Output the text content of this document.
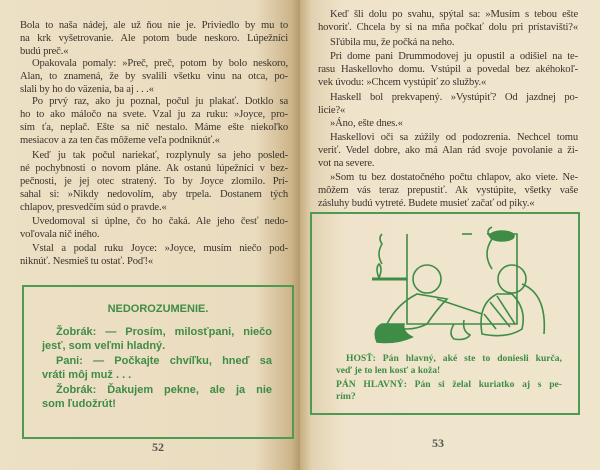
Bola to naša nádej, ale už ňou nie je. Priviedlo by mu to
na krk vyšetrovanie. Ale potom bude neskoro. Lúpežníci
budú preč.«
Opakovala pomaly: »Preč, preč, potom by bolo neskoro,
Alan, to znamená, že by svalili všetku vinu na otca, po-
slali by ho do väzenia, ba aj . . .«
Po prvý raz, ako ju poznal, počul ju plakať. Dotklo sa
ho to ako máločo na svete. Vzal ju za ruku: »Joyce, pro-
sím ťa, neplač. Ešte sa nič nestalo. Máme ešte niekoľko
mesiacov a za ten čas môžeme veľa podniknúť.«
Keď ju tak počul nariekať, rozplynuly sa jeho posled-
né pochybnosti o novom pláne. Ak ostanú lúpežníci v bez-
pečnosti, je jej otec stratený. To by Joyce zlomilo. Prí-
sahal si: »Nikdy nedovolím, aby trpela. Dostanem tých
chlapov, presvedčím súd o pravde.«
Uvedomoval si úplne, čo ho čaká. Ale jeho česť nedo-
voľovala nič iného.
Vstal a podal ruku Joyce: »Joyce, musím niečo pod-
niknúť. Nesmieš tu ostať. Poď!«
NEDOROZUMENIE.
Žobrák: — Prosím, milosťpani, niečo
jesť, som veľmi hladný.
Pani: — Počkajte chvíľku, hneď sa
vráti môj muž . . .
Žobrák: Ďakujem pekne, ale ja nie
som ľudožrút!
52
Keď šli dolu po svahu, spýtal sa: »Musím s tebou ešte
hovoriť. Chcela by si na mňa počkať dolu pri prístavišti?«
Sľúbila mu, že počká na neho.
Pri dome pani Drummodovej ju opustil a odišiel na te-
rasu Haskellovho domu. Vstúpil a povedal bez akéhokoľ-
vek úvodu: »Chcem vystúpiť zo služby.«
Haskell bol prekvapený. »Vystúpiť? Od jazdnej po-
licie?«
»Áno, ešte dnes.«
Haskellovi oči sa zúžily od podozrenia. Nechcel tomu
veriť. Vedel dobre, ako má Alan rád svoje povolanie a ži-
vot na severe.
»Som tu bez dostatočného počtu chlapov, ako viete. Ne-
môžem vás teraz prepustiť. Ak vystúpite, všetky vaše
zásluhy budú vytreté. Budete musieť začať od piky.«
HOSŤ: Pán hlavný, aké ste to doniesli kurča,
veď je to len kosť a koža!
PÁN HLAVNÝ: Pán si želal kuriatko aj s pe-
rím?
53
